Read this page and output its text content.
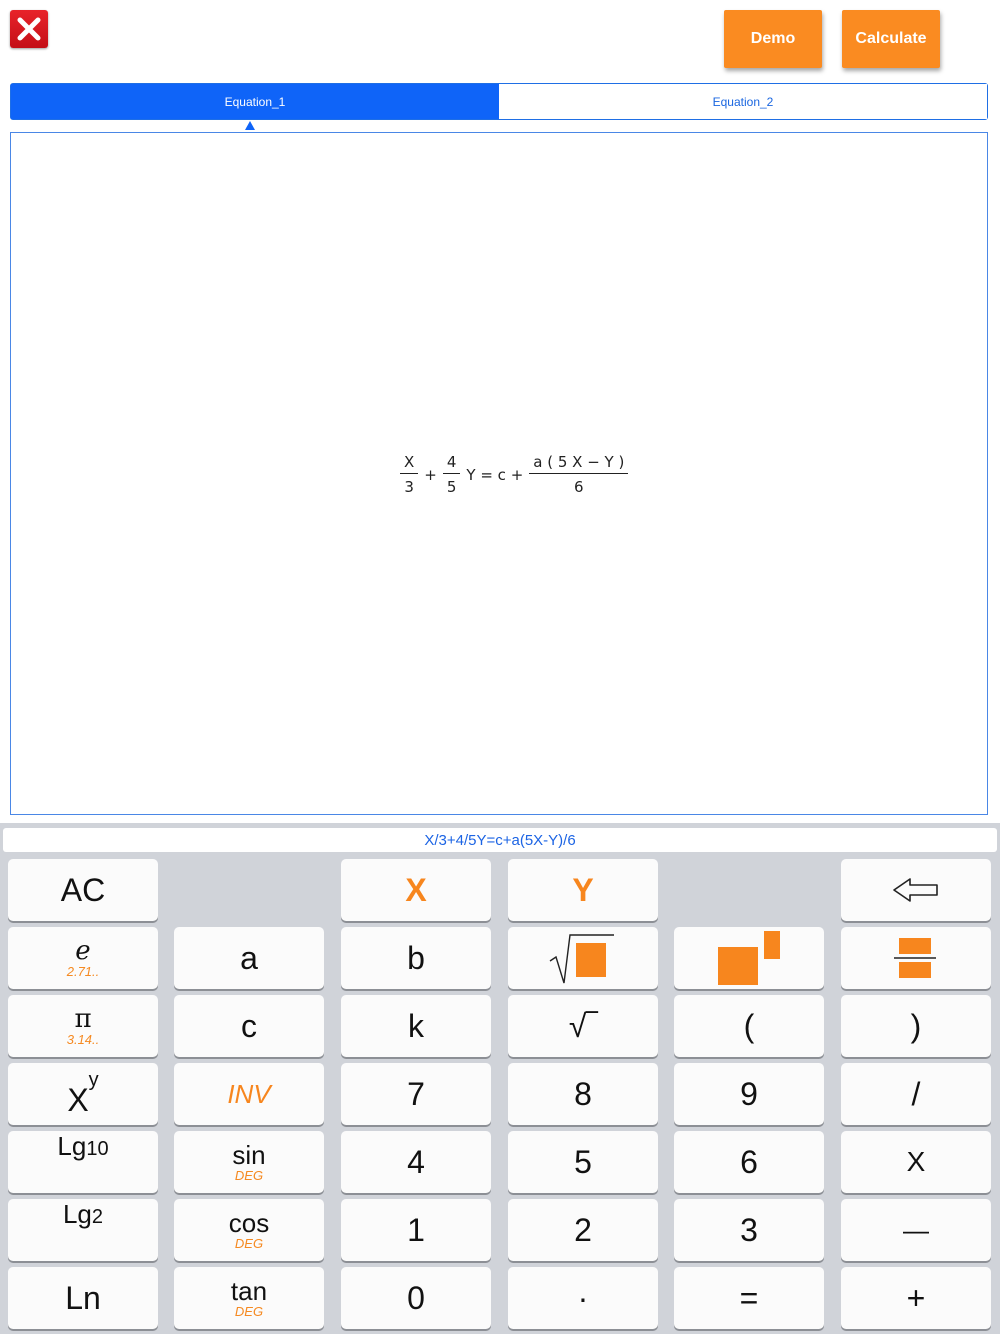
Demo	Calculate
Equation_1	Equation_2
$\frac{X}{3} + \frac{4}{5}$ $Y = c + \frac{a ( 5 X - Y )}{6}$
X/3+4/5Y=c+a(5X-Y)/6
AC	X	Y
e
2.71..	a	b
π
3.14..	c	k	√‾	(	)
X
y	INV	7	8	9	/
Lg 10	sin
DEG	4	5	6	X
Lg 2	cos
DEG	1	2	3	—
Ln	tan
DEG	0	·	=	+
